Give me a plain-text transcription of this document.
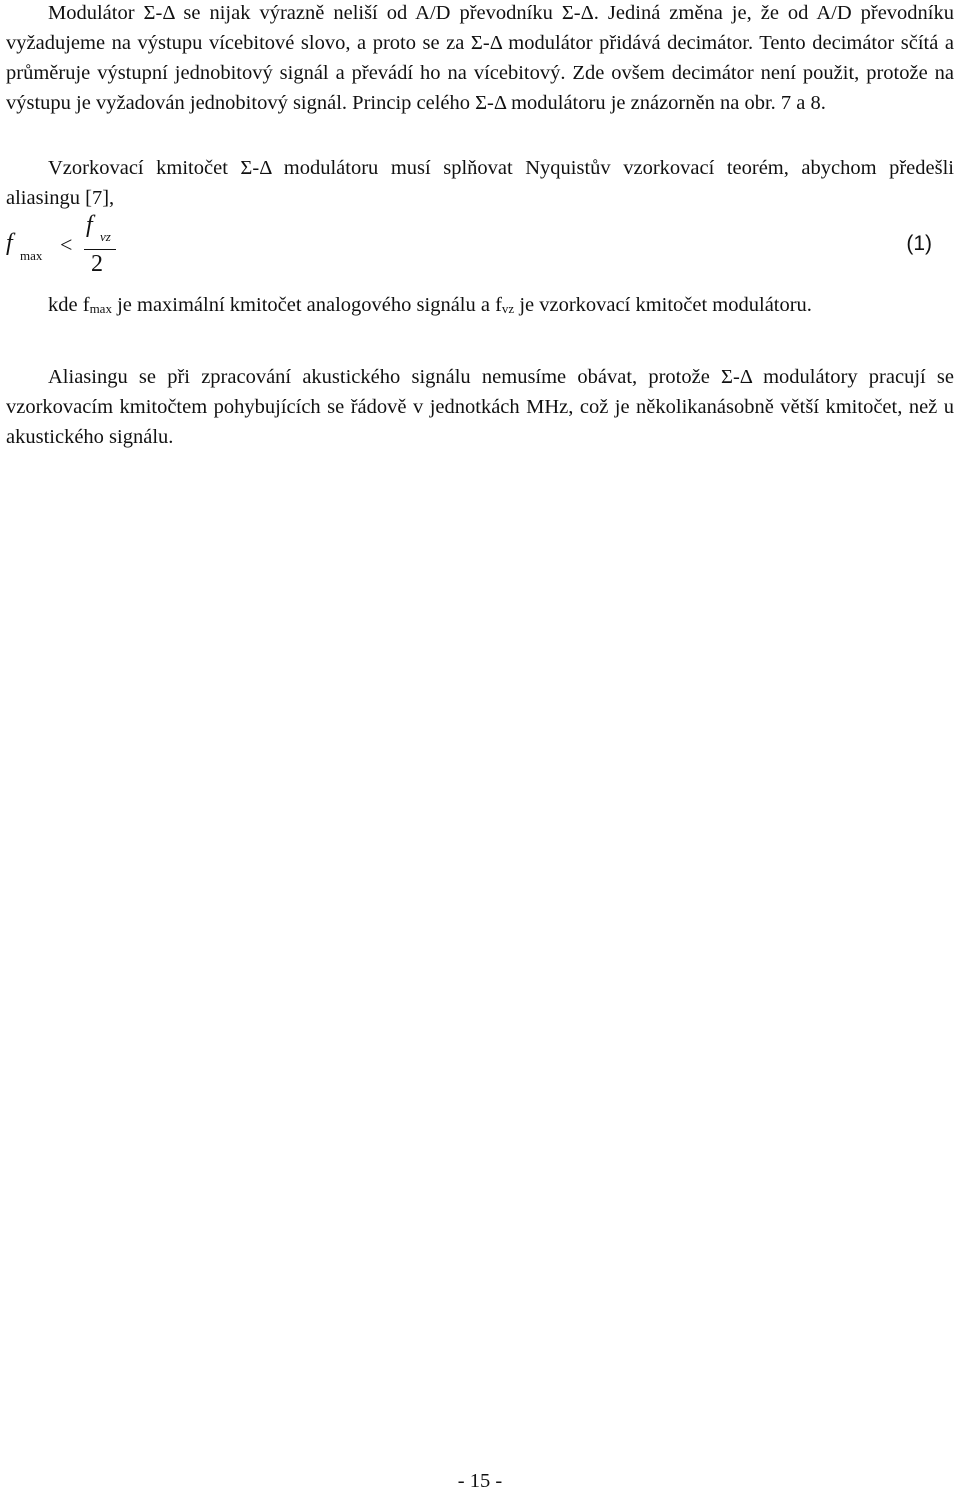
Modulátor Σ-Δ se nijak výrazně neliší od A/D převodníku Σ-Δ. Jediná změna je, že od A/D převodníku vyžadujeme na výstupu vícebitové slovo, a proto se za Σ-Δ modulátor přidává decimátor. Tento decimátor sčítá a průměruje výstupní jednobitový signál a převádí ho na vícebitový. Zde ovšem decimátor není použit, protože na výstupu je vyžadován jednobitový signál. Princip celého Σ-Δ modulátoru je znázorněn na obr. 7 a 8.

Vzorkovací kmitočet Σ-Δ modulátoru musí splňovat Nyquistův vzorkovací teorém, abychom předešli aliasingu [7],

f max <
f vz
2
(1)

kde $f_{max}$ je maximální kmitočet analogového signálu a $f_{vz}$ je vzorkovací kmitočet modulátoru.

Aliasingu se při zpracování akustického signálu nemusíme obávat, protože Σ-Δ modulátory pracují se vzorkovacím kmitočtem pohybujících se řádově v jednotkách MHz, což je několikanásobně větší kmitočet, než u akustického signálu.

- 15 -
